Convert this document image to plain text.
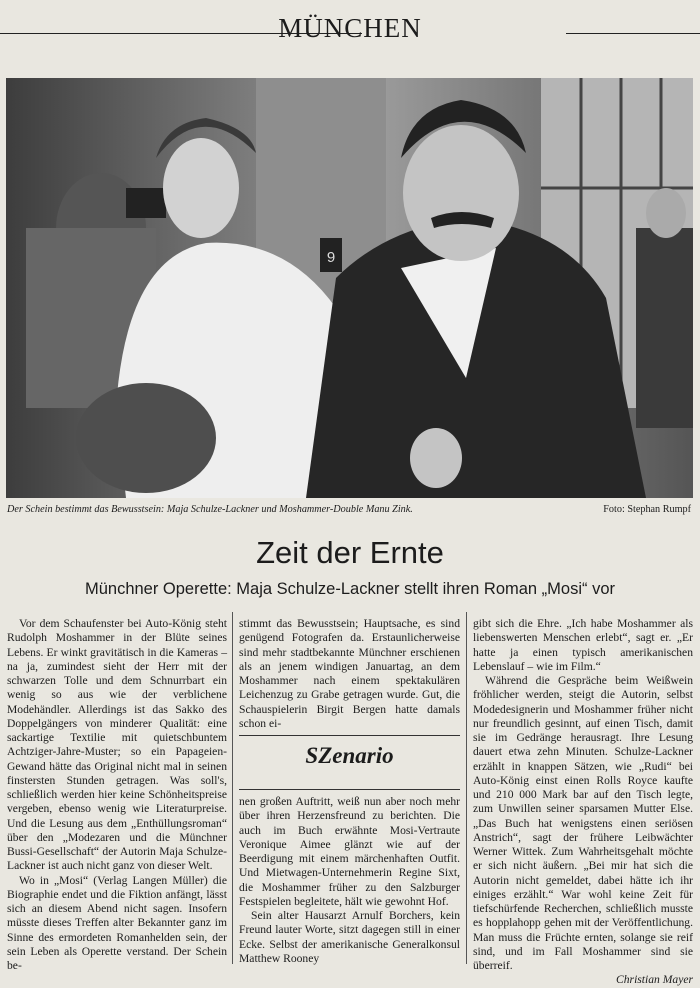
MÜNCHEN
9
Der Schein bestimmt das Bewusstsein: Maja Schulze-Lackner und Moshammer-Double Manu Zink.	Foto: Stephan Rumpf
Zeit der Ernte
Münchner Operette: Maja Schulze-Lackner stellt ihren Roman „Mosi“ vor

Vor dem Schaufenster bei Auto-König steht Rudolph Moshammer in der Blüte seines Lebens. Er winkt gravitätisch in die Kameras – na ja, zumindest sieht der Herr mit der schwarzen Tolle und dem Schnurrbart ein wenig so aus wie der verblichene Modehändler. Allerdings ist das Sakko des Doppelgängers von minderer Qualität: eine sackartige Textilie mit quietschbuntem Achtziger-Jahre-Muster; so ein Papageien-Gewand hätte das Original nicht mal in seinen finstersten Stunden getragen. Was soll's, schließlich werden hier keine Schönheitspreise vergeben, ebenso wenig wie Literaturpreise. Und die Lesung aus dem „Enthüllungsroman“ über den „Modezaren und die Münchner Bussi-Gesellschaft“ der Autorin Maja Schulze-Lackner ist auch nicht ganz von dieser Welt.

Wo in „Mosi“ (Verlag Langen Müller) die Biographie endet und die Fiktion anfängt, lässt sich an diesem Abend nicht sagen. Insofern müsste dieses Treffen alter Bekannter ganz im Sinne des ermordeten Romanhelden sein, der sein Leben als Operette verstand. Der Schein be-

stimmt das Bewusstsein; Hauptsache, es sind genügend Fotografen da. Erstaunlicherweise sind mehr stadtbekannte Münchner erschienen als an jenem windigen Januartag, an dem Moshammer nach einem spektakulären Leichenzug zu Grabe getragen wurde. Gut, die Schauspielerin Birgit Bergen hatte damals schon ei-

SZenario

nen großen Auftritt, weiß nun aber noch mehr über ihren Herzensfreund zu berichten. Die auch im Buch erwähnte Mosi-Vertraute Veronique Aimee glänzt wie auf der Beerdigung mit einem märchenhaften Outfit. Und Mietwagen-Unternehmerin Regine Sixt, die Moshammer früher zu den Salzburger Festspielen begleitete, hält wie gewohnt Hof.

Sein alter Hausarzt Arnulf Borchers, kein Freund lauter Worte, sitzt dagegen still in einer Ecke. Selbst der amerikanische Generalkonsul Matthew Rooney

gibt sich die Ehre. „Ich habe Moshammer als liebenswerten Menschen erlebt“, sagt er. „Er hatte ja einen typisch amerikanischen Lebenslauf – wie im Film.“

Während die Gespräche beim Weißwein fröhlicher werden, steigt die Autorin, selbst Modedesignerin und Moshammer früher nicht nur freundlich gesinnt, auf einen Tisch, damit sie im Gedränge herausragt. Ihre Lesung dauert etwa zehn Minuten. Schulze-Lackner erzählt in knappen Sätzen, wie „Rudi“ bei Auto-König einst einen Rolls Royce kaufte und 210 000 Mark bar auf den Tisch legte, zum Unwillen seiner sparsamen Mutter Else. „Das Buch hat wenigstens einen seriösen Anstrich“, sagt der frühere Leibwächter Werner Wittek. Zum Wahrheitsgehalt möchte er sich nicht äußern. „Bei mir hat sich die Autorin nicht gemeldet, dabei hätte ich ihr einiges erzählt.“ War wohl keine Zeit für tiefschürfende Recherchen, schließlich musste es hopplahopp gehen mit der Veröffentlichung. Man muss die Früchte ernten, solange sie reif sind, und im Fall Moshammer sind sie überreif.

Christian Mayer
